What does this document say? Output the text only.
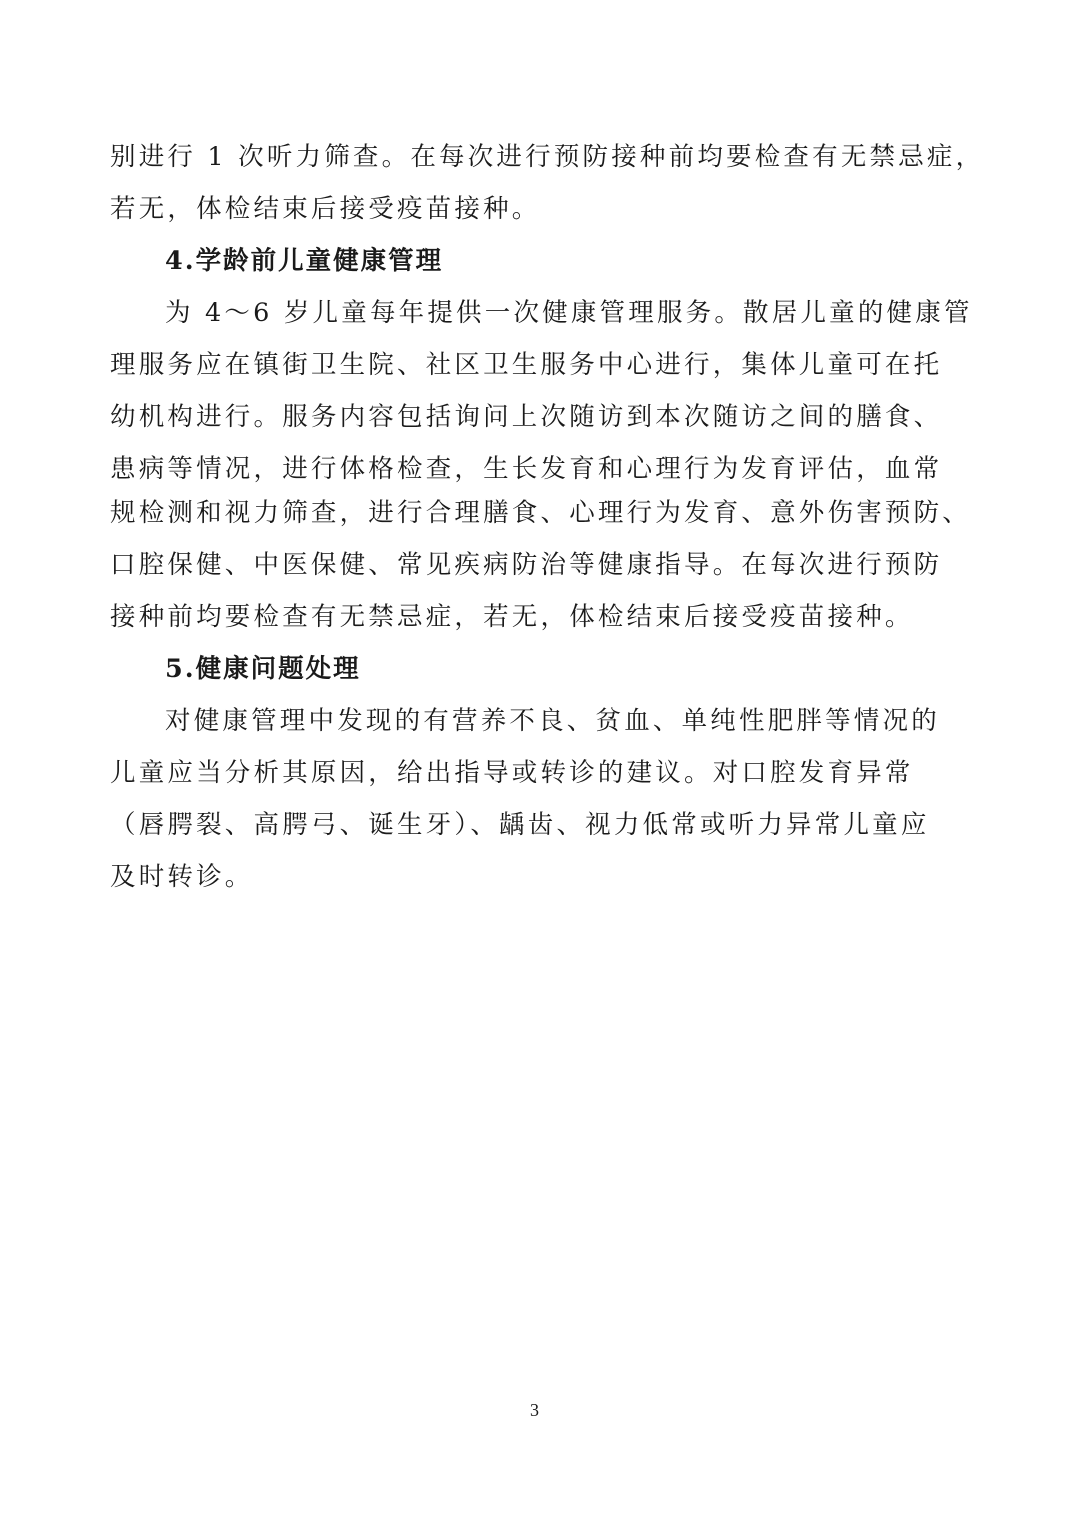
别进行 1 次听力筛查。在每次进行预防接种前均要检查有无禁忌症，
若无，体检结束后接受疫苗接种。
4.学龄前儿童健康管理
为 4～6 岁儿童每年提供一次健康管理服务。散居儿童的健康管
理服务应在镇街卫生院、社区卫生服务中心进行，集体儿童可在托
幼机构进行。服务内容包括询问上次随访到本次随访之间的膳食、
患病等情况，进行体格检查，生长发育和心理行为发育评估，血常
规检测和视力筛查，进行合理膳食、心理行为发育、意外伤害预防、
口腔保健、中医保健、常见疾病防治等健康指导。在每次进行预防
接种前均要检查有无禁忌症，若无，体检结束后接受疫苗接种。
5.健康问题处理
对健康管理中发现的有营养不良、贫血、单纯性肥胖等情况的
儿童应当分析其原因，给出指导或转诊的建议。对口腔发育异常
（唇腭裂、高腭弓、诞生牙）、龋齿、视力低常或听力异常儿童应
及时转诊。
3
